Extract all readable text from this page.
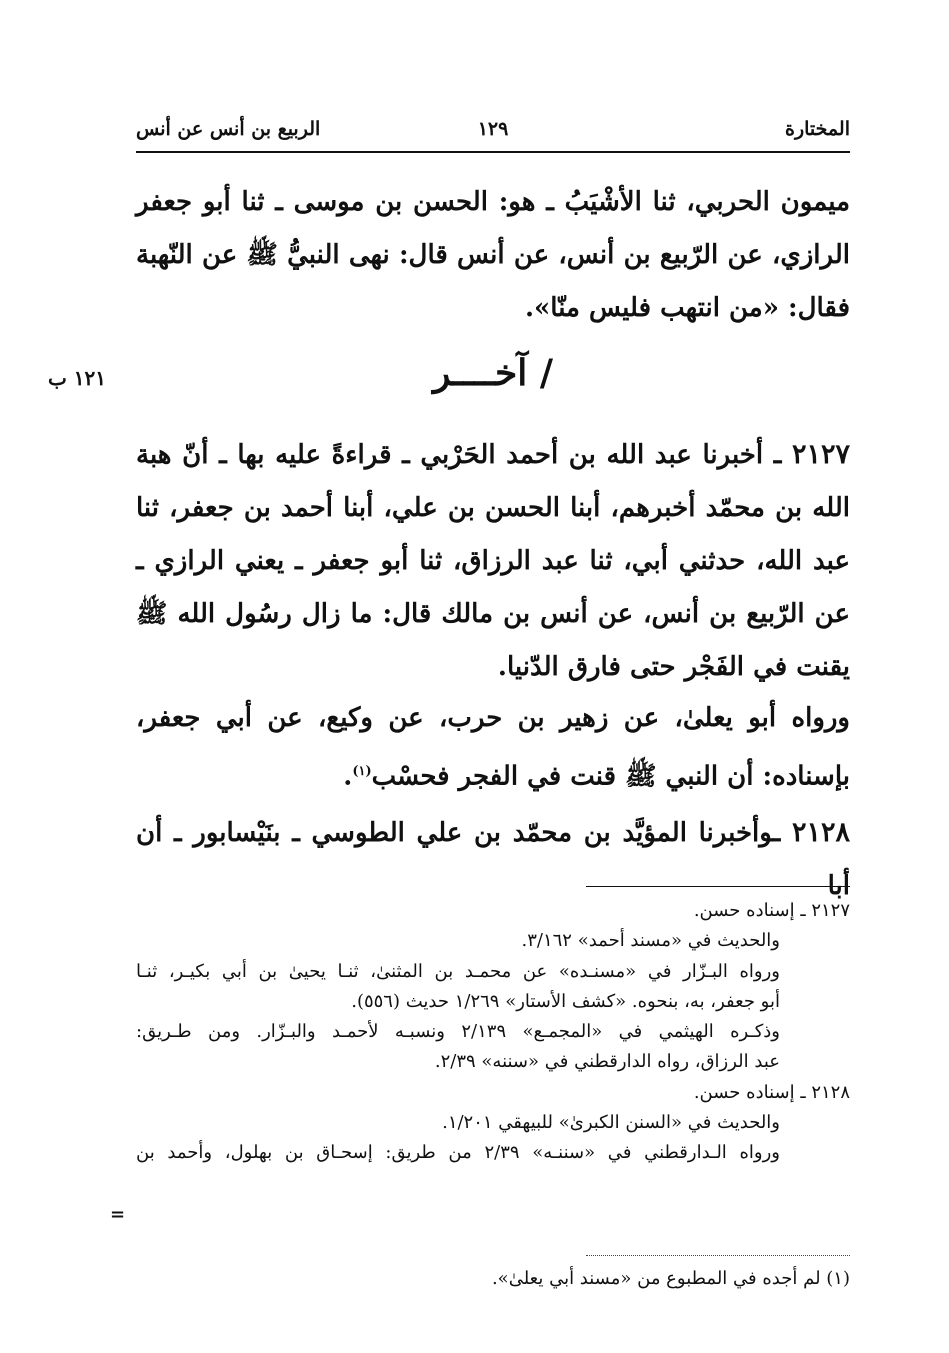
المختارة
١٢٩
الربيع بن أنس عن أنس

ميمون الحربي، ثنا الأشْيَبُ ـ هو: الحسن بن موسى ـ ثنا أبو جعفر الرازي، عن الرّبيع بن أنس، عن أنس قال: نهى النبيُّ ﷺ عن النّهبة فقال: «من انتهب فليس منّا».

/ آخــــر
١٢١ ب

٢١٢٧ ـ أخبرنا عبد الله بن أحمد الحَرْبي ـ قراءةً عليه بها ـ أنّ هبة الله بن محمّد أخبرهم، أبنا الحسن بن علي، أبنا أحمد بن جعفر، ثنا عبد الله، حدثني أبي، ثنا عبد الرزاق، ثنا أبو جعفر ـ يعني الرازي ـ عن الرّبيع بن أنس، عن أنس بن مالك قال: ما زال رسُول الله ﷺ يقنت في الفَجْر حتى فارق الدّنيا.

ورواه أبو يعلىٰ، عن زهير بن حرب، عن وكيع، عن أبي جعفر، بإسناده: أن النبي ﷺ قنت في الفجر فحسْب$^{(١)}$.

٢١٢٨ ـوأخبرنا المؤيَّد بن محمّد بن علي الطوسي ـ بنَيْسابور ـ أن أبا

٢١٢٧ ـ إسناده حسن.
والحديث في «مسند أحمد» ٣/١٦٢.
ورواه البـزّار في «مسنـده» عن محمـد بن المثنىٰ، ثنـا يحيىٰ بن أبي بكيـر، ثنـا
أبو جعفر، به، بنحوه. «كشف الأستار» ١/٢٦٩ حديث (٥٥٦).
وذكـره الهيثمي في «المجمـع» ٢/١٣٩ ونسبـه لأحمـد والبـزّار. ومن طـريق:
عبد الرزاق، رواه الدارقطني في «سننه» ٢/٣٩.
٢١٢٨ ـ إسناده حسن.
والحديث في «السنن الكبرىٰ» للبيهقي ١/٢٠١.
ورواه الـدارقطني في «سننـه» ٢/٣٩ من طريق: إسحـاق بن بهلول، وأحمد بن
=

(١) لم أجده في المطبوع من «مسند أبي يعلىٰ».
